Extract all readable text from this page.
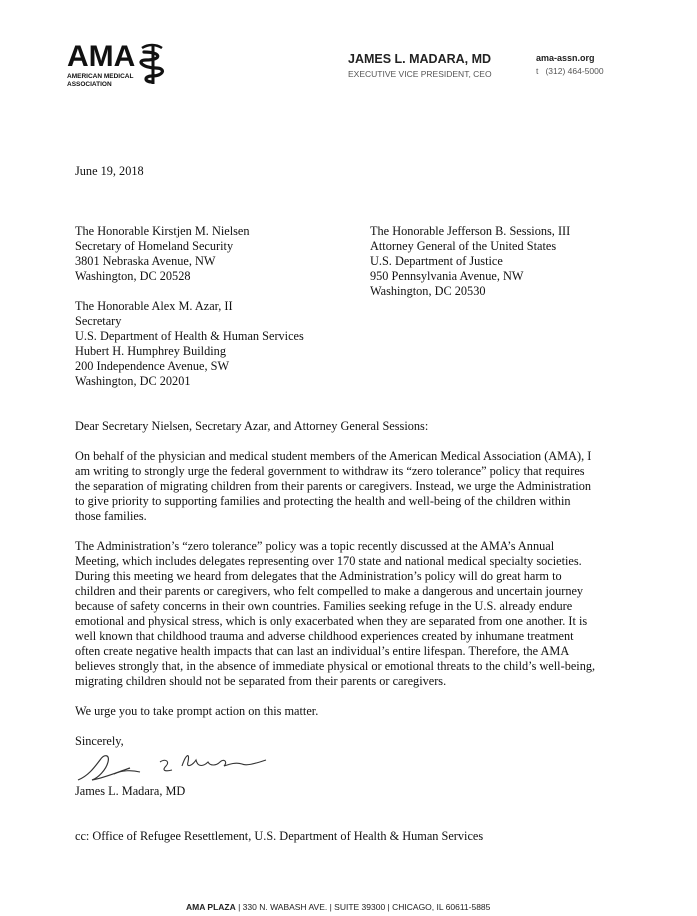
AMA
AMERICAN MEDICAL
ASSOCIATION
JAMES L. MADARA, MD
EXECUTIVE VICE PRESIDENT, CEO
ama-assn.org
t   (312) 464-5000
June 19, 2018
The Honorable Kirstjen M. Nielsen
Secretary of Homeland Security
3801 Nebraska Avenue, NW
Washington, DC 20528
The Honorable Jefferson B. Sessions, III
Attorney General of the United States
U.S. Department of Justice
950 Pennsylvania Avenue, NW
Washington, DC 20530
The Honorable Alex M. Azar, II
Secretary
U.S. Department of Health & Human Services
Hubert H. Humphrey Building
200 Independence Avenue, SW
Washington, DC 20201
Dear Secretary Nielsen, Secretary Azar, and Attorney General Sessions:
On behalf of the physician and medical student members of the American Medical Association (AMA), I
am writing to strongly urge the federal government to withdraw its “zero tolerance” policy that requires
the separation of migrating children from their parents or caregivers. Instead, we urge the Administration
to give priority to supporting families and protecting the health and well-being of the children within
those families.
The Administration’s “zero tolerance” policy was a topic recently discussed at the AMA’s Annual
Meeting, which includes delegates representing over 170 state and national medical specialty societies.
During this meeting we heard from delegates that the Administration’s policy will do great harm to
children and their parents or caregivers, who felt compelled to make a dangerous and uncertain journey
because of safety concerns in their own countries. Families seeking refuge in the U.S. already endure
emotional and physical stress, which is only exacerbated when they are separated from one another. It is
well known that childhood trauma and adverse childhood experiences created by inhumane treatment
often create negative health impacts that can last an individual’s entire lifespan. Therefore, the AMA
believes strongly that, in the absence of immediate physical or emotional threats to the child’s well-being,
migrating children should not be separated from their parents or caregivers.
We urge you to take prompt action on this matter.
Sincerely,
James L. Madara, MD
cc: Office of Refugee Resettlement, U.S. Department of Health & Human Services
AMA PLAZA | 330 N. WABASH AVE. | SUITE 39300 | CHICAGO, IL 60611-5885
